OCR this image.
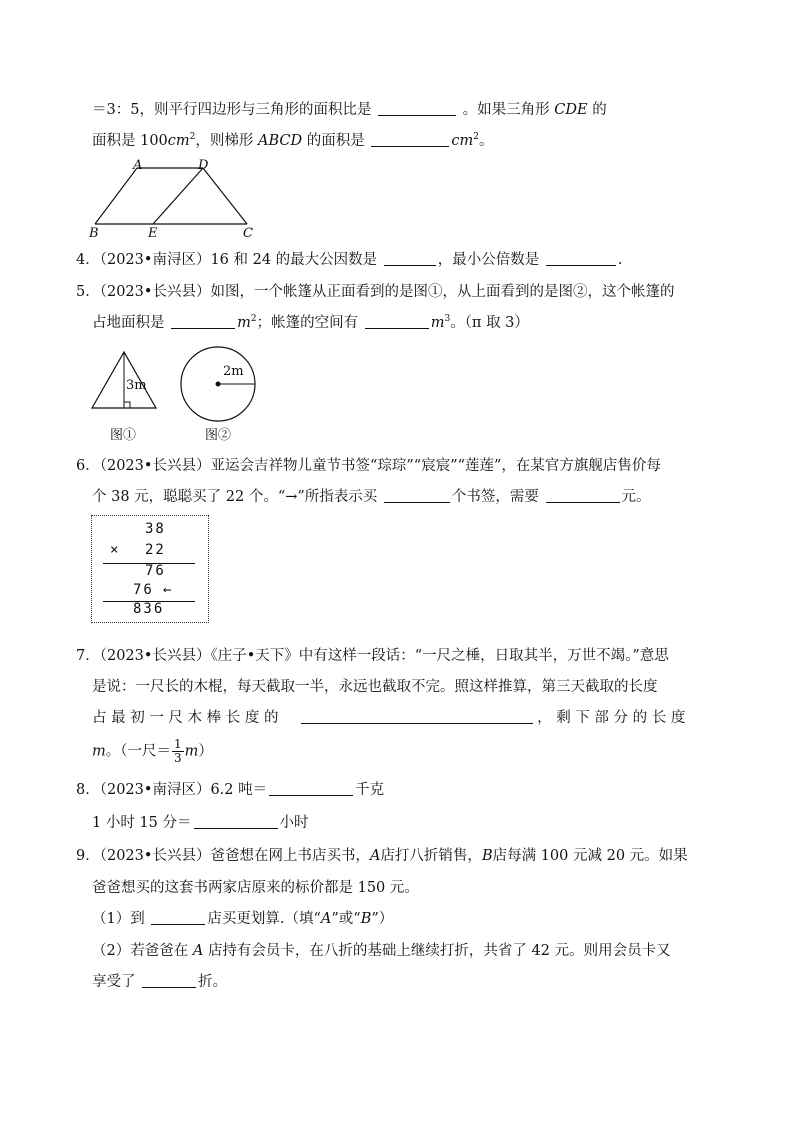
＝3：5，则平行四边形与三角形的面积比是	。如果三角形 CDE 的
面积是 $100cm^2$，则梯形 ABCD 的面积是	$cm^2$。
A	D
B	E	C
4．（2023•南浔区）16 和 24 的最大公因数是	，最小公倍数是	.
5．（2023•长兴县）如图，一个帐篷从正面看到的是图①，从上面看到的是图②，这个帐篷的
占地面积是	$m^2$；帐篷的空间有	$m^3$。（π 取 3）
3m
图①
2m
图②
6．（2023•长兴县）亚运会吉祥物儿童节书签“琮琮”“宸宸”“莲莲”，在某官方旗舰店售价每
个 38 元，聪聪买了 22 个。“→”所指表示买	个书签，需要	元。
38
× 22
76
76 ←
836
7．（2023•长兴县）《庄子•天下》中有这样一段话：“一尺之棰，日取其半，万世不竭。”意思
是说：一尺长的木棍，每天截取一半，永远也截取不完。照这样推算，第三天截取的长度
占 最 初 一 尺 木 棒 长 度 的	， 剩 下 部 分 的 长 度
m。（一尺＝ $\frac{1}{3} m$）
8．（2023•南浔区）6.2 吨＝	千克
1 小时 15 分＝	小时
9．（2023•长兴县）爸爸想在网上书店买书，A店打八折销售，B店每满 100 元减 20 元。如果
爸爸想买的这套书两家店原来的标价都是 150 元。
（1）到	店买更划算.（填“A”或“B”）
（2）若爸爸在 A 店持有会员卡，在八折的基础上继续打折，共省了 42 元。则用会员卡又
享受了	折。
